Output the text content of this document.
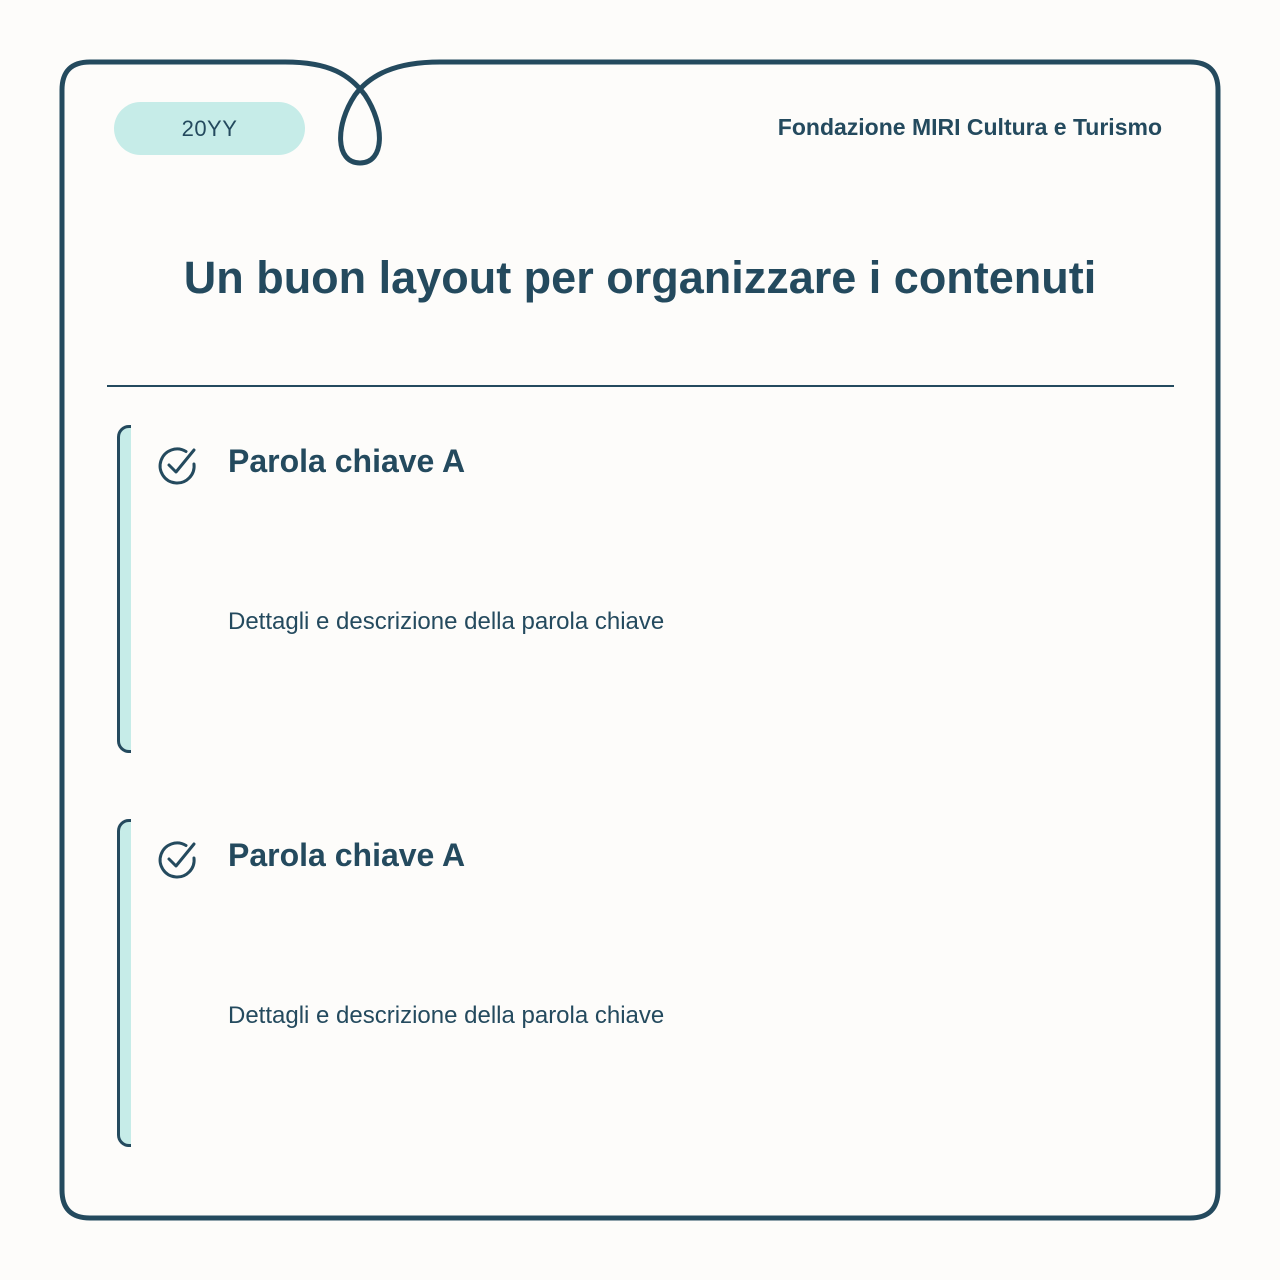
20YY	Fondazione MIRI Cultura e Turismo
Un buon layout per organizzare i contenuti
Parola chiave A
Dettagli e descrizione della parola chiave
Parola chiave A
Dettagli e descrizione della parola chiave
